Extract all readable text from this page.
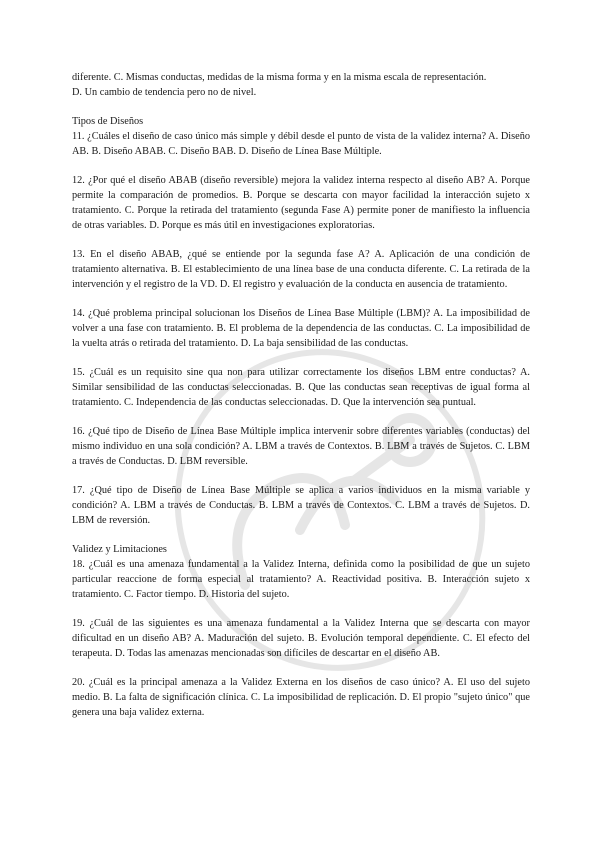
diferente. C. Mismas conductas, medidas de la misma forma y en la misma escala de representación.

D. Un cambio de tendencia pero no de nivel.

Tipos de Diseños

11. ¿Cuáles el diseño de caso único más simple y débil desde el punto de vista de la validez interna? A. Diseño AB. B. Diseño ABAB. C. Diseño BAB. D. Diseño de Línea Base Múltiple.

12. ¿Por qué el diseño ABAB (diseño reversible) mejora la validez interna respecto al diseño AB? A. Porque permite la comparación de promedios. B. Porque se descarta con mayor facilidad la interacción sujeto x tratamiento. C. Porque la retirada del tratamiento (segunda Fase A) permite poner de manifiesto la influencia de otras variables. D. Porque es más útil en investigaciones exploratorias.

13. En el diseño ABAB, ¿qué se entiende por la segunda fase A? A. Aplicación de una condición de tratamiento alternativa. B. El establecimiento de una línea base de una conducta diferente. C. La retirada de la intervención y el registro de la VD. D. El registro y evaluación de la conducta en ausencia de tratamiento.

14. ¿Qué problema principal solucionan los Diseños de Línea Base Múltiple (LBM)? A. La imposibilidad de volver a una fase con tratamiento. B. El problema de la dependencia de las conductas. C. La imposibilidad de la vuelta atrás o retirada del tratamiento. D. La baja sensibilidad de las conductas.

15. ¿Cuál es un requisito sine qua non para utilizar correctamente los diseños LBM entre conductas? A. Similar sensibilidad de las conductas seleccionadas. B. Que las conductas sean receptivas de igual forma al tratamiento. C. Independencia de las conductas seleccionadas. D. Que la intervención sea puntual.

16. ¿Qué tipo de Diseño de Línea Base Múltiple implica intervenir sobre diferentes variables (conductas) del mismo individuo en una sola condición? A. LBM a través de Contextos. B. LBM a través de Sujetos. C. LBM a través de Conductas. D. LBM reversible.

17. ¿Qué tipo de Diseño de Línea Base Múltiple se aplica a varios individuos en la misma variable y condición? A. LBM a través de Conductas. B. LBM a través de Contextos. C. LBM a través de Sujetos. D. LBM de reversión.

Validez y Limitaciones

18. ¿Cuál es una amenaza fundamental a la Validez Interna, definida como la posibilidad de que un sujeto particular reaccione de forma especial al tratamiento? A. Reactividad positiva. B. Interacción sujeto x tratamiento. C. Factor tiempo. D. Historia del sujeto.

19. ¿Cuál de las siguientes es una amenaza fundamental a la Validez Interna que se descarta con mayor dificultad en un diseño AB? A. Maduración del sujeto. B. Evolución temporal dependiente. C. El efecto del terapeuta. D. Todas las amenazas mencionadas son difíciles de descartar en el diseño AB.

20. ¿Cuál es la principal amenaza a la Validez Externa en los diseños de caso único? A. El uso del sujeto medio. B. La falta de significación clínica. C. La imposibilidad de replicación. D. El propio "sujeto único" que genera una baja validez externa.
